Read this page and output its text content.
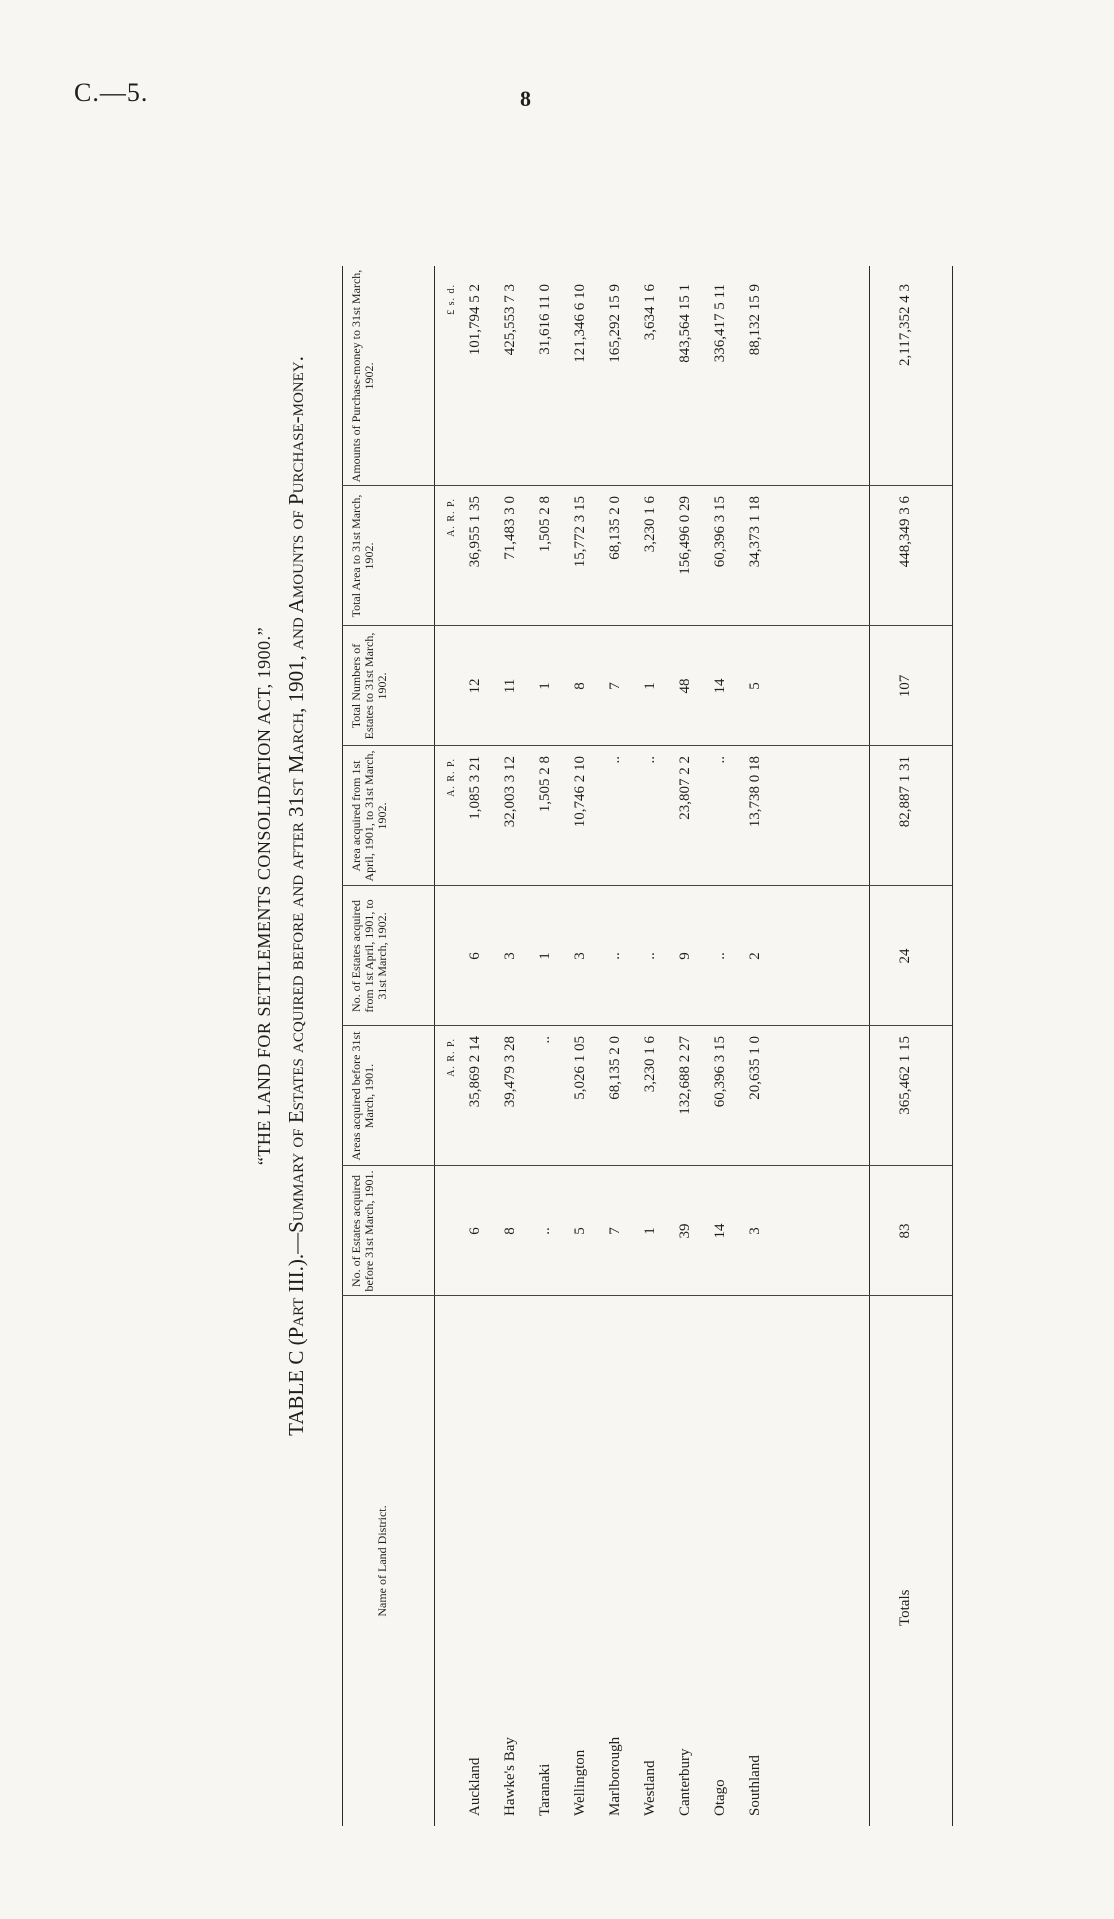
C.—5.	8
“THE LAND FOR SETTLEMENTS CONSOLIDATION ACT, 1900.”
TABLE C (Part III.).—Summary of Estates acquired before and after 31st March, 1901, and Amounts of Purchase-money.
Name of Land District.
No. of Estates acquired before 31st March, 1901.
Areas acquired before 31st March, 1901.
No. of Estates acquired from 1st April, 1901, to 31st March, 1902.
Area acquired from 1st April, 1901, to 31st March, 1902.
Total Numbers of Estates to 31st March, 1902.
Total Area to 31st March, 1902.
Amounts of Purchase-money to 31st March, 1902.
A. R. P.
A. R. P.
A. R. P.
£ s. d.
Auckland
6
35,869 2 14
6
1,085 3 21
12
36,955 1 35
101,794 5 2
Hawke's Bay
8
39,479 3 28
3
32,003 3 12
11
71,483 3 0
425,553 7 3
Taranaki
..
..
1
1,505 2 8
1
1,505 2 8
31,616 11 0
Wellington
5
5,026 1 05
3
10,746 2 10
8
15,772 3 15
121,346 6 10
Marlborough
7
68,135 2 0
..
..
7
68,135 2 0
165,292 15 9
Westland
1
3,230 1 6
..
..
1
3,230 1 6
3,634 1 6
Canterbury
39
132,688 2 27
9
23,807 2 2
48
156,496 0 29
843,564 15 1
Otago
14
60,396 3 15
..
..
14
60,396 3 15
336,417 5 11
Southland
3
20,635 1 0
2
13,738 0 18
5
34,373 1 18
88,132 15 9
Totals
83
365,462 1 15
24
82,887 1 31
107
448,349 3 6
2,117,352 4 3
